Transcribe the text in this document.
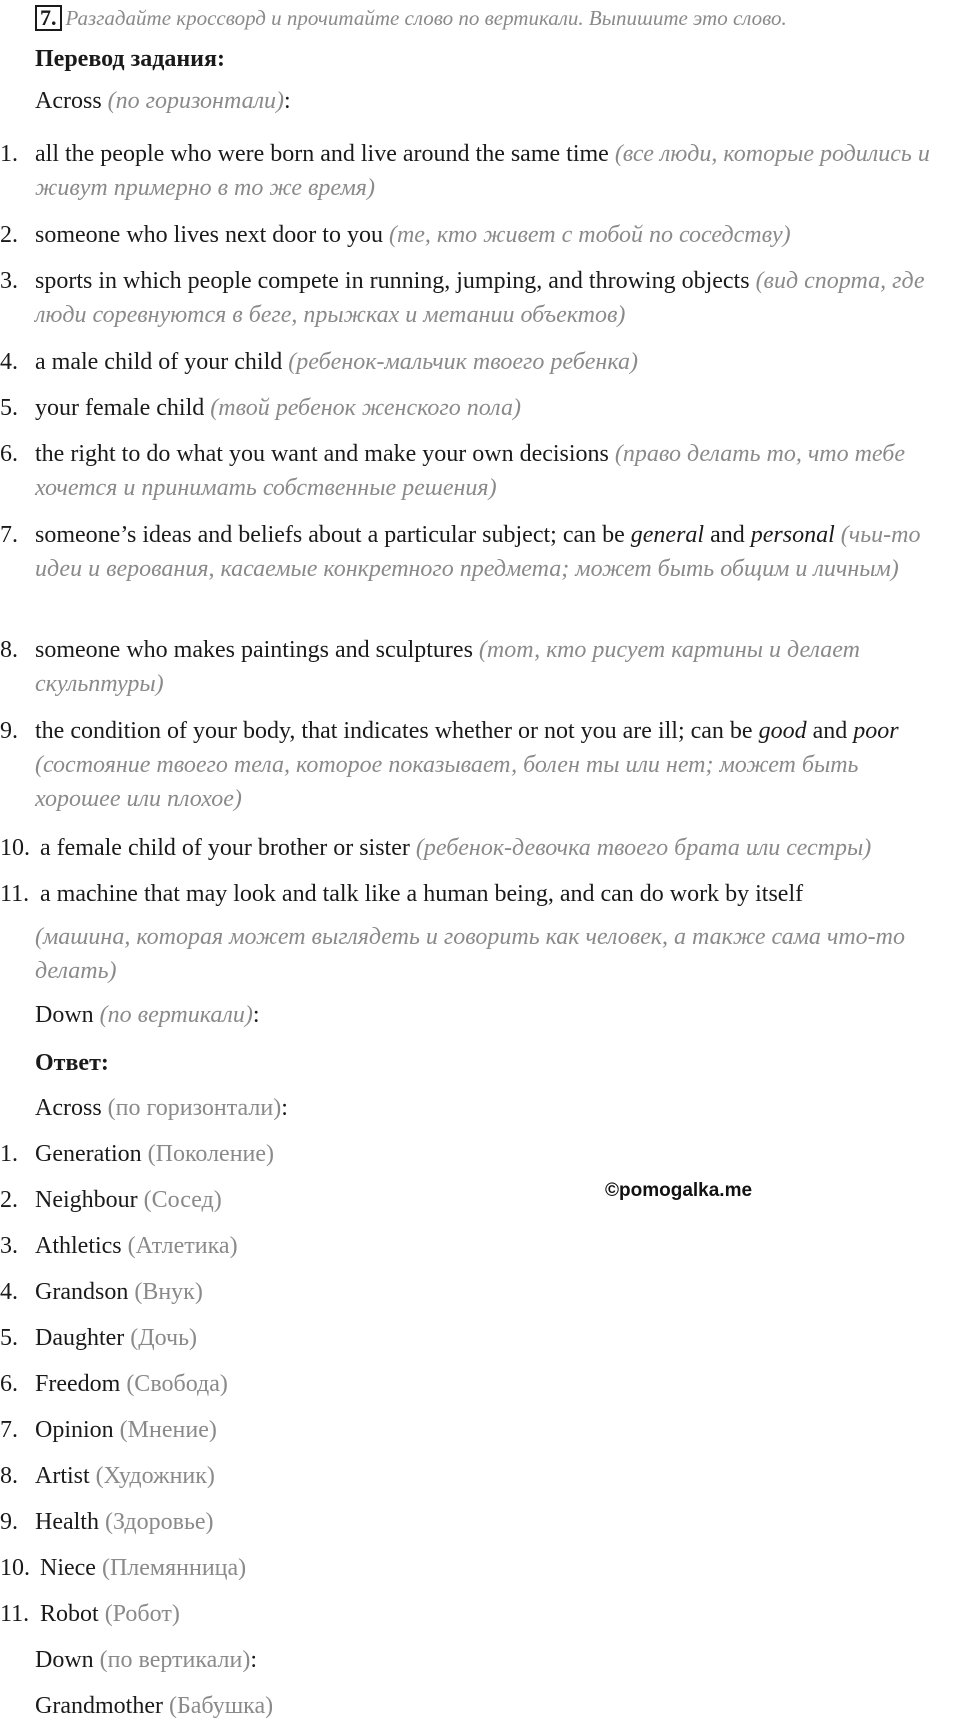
7. Разгадайте кроссворд и прочитайте слово по вертикали. Выпишите это слово.
Перевод задания:
Across (по горизонтали):
1. all the people who were born and live around the same time (все люди, которые родились и живут примерно в то же время)
2. someone who lives next door to you (те, кто живет с тобой по соседству)
3. sports in which people compete in running, jumping, and throwing objects (вид спорта, где люди соревнуются в беге, прыжках и метании объектов)
4. a male child of your child (ребенок-мальчик твоего ребенка)
5. your female child (твой ребенок женского пола)
6. the right to do what you want and make your own decisions (право делать то, что тебе хочется и принимать собственные решения)
7. someone’s ideas and beliefs about a particular subject; can be general and personal (чьи-то идеи и верования, касаемые конкретного предмета; может быть общим и личным)
8. someone who makes paintings and sculptures (тот, кто рисует картины и делает скульптуры)
9. the condition of your body, that indicates whether or not you are ill; can be good and poor (состояние твоего тела, которое показывает, болен ты или нет; может быть хорошее или плохое)
10. a female child of your brother or sister (ребенок-девочка твоего брата или сестры)
11. a machine that may look and talk like a human being, and can do work by itself
(машина, которая может выглядеть и говорить как человек, а также сама что-то делать)
Down (по вертикали):
Ответ:
Across (по горизонтали):
1. Generation (Поколение)
2. Neighbour (Сосед)
3. Athletics (Атлетика)
4. Grandson (Внук)
5. Daughter (Дочь)
6. Freedom (Свобода)
7. Opinion (Мнение)
8. Artist (Художник)
9. Health (Здоровье)
10. Niece (Племянница)
11. Robot (Робот)
Down (по вертикали):
Grandmother (Бабушка)
©pomogalka.me
